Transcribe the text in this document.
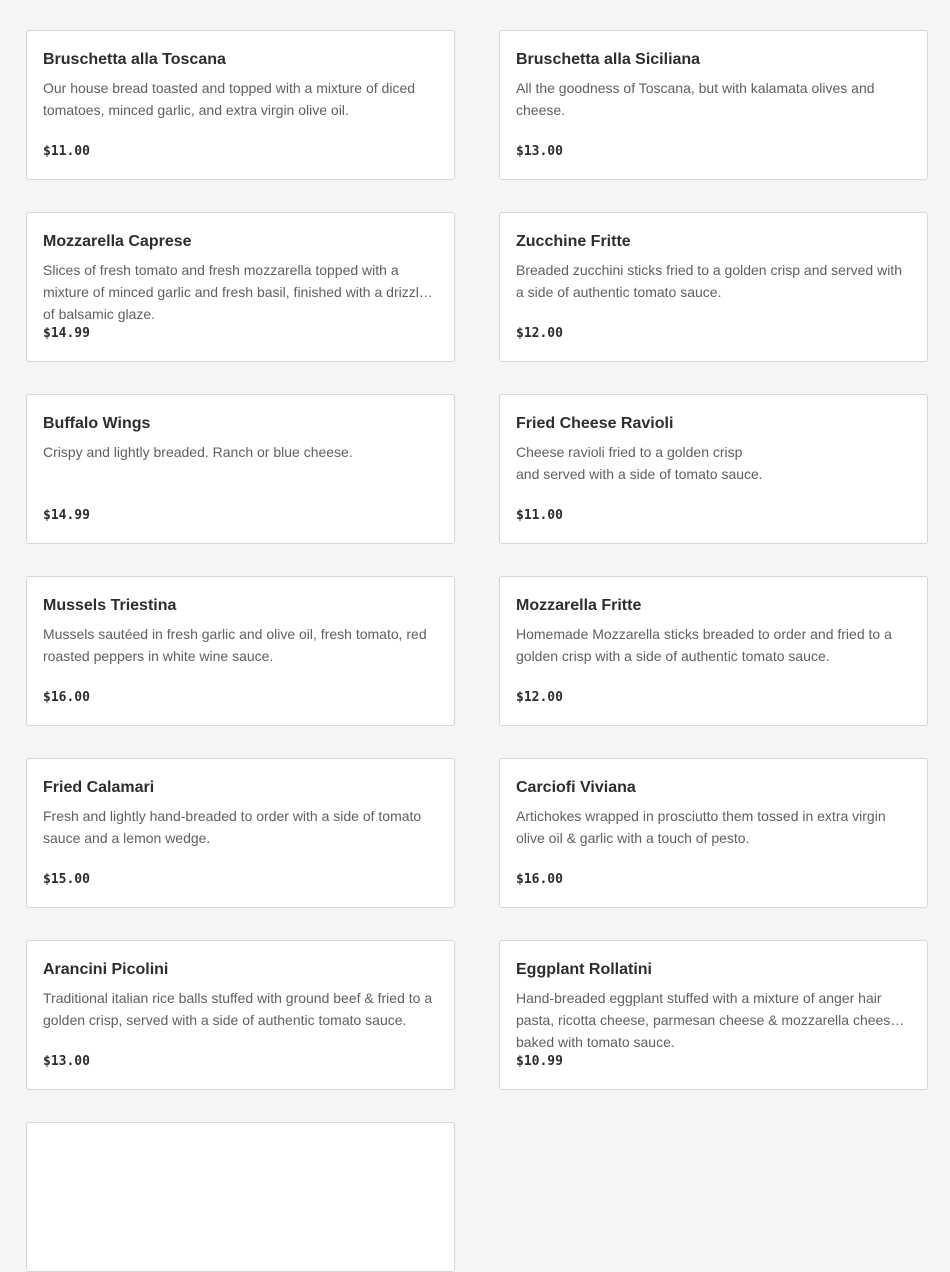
Bruschetta alla Toscana
Our house bread toasted and topped with a mixture of diced tomatoes, minced garlic, and extra virgin olive oil.
$11.00
Bruschetta alla Siciliana
All the goodness of Toscana, but with kalamata olives and cheese.
$13.00
Mozzarella Caprese
Slices of fresh tomato and fresh mozzarella topped with a mixture of minced garlic and fresh basil, finished with a drizzle of balsamic glaze.
$14.99
Zucchine Fritte
Breaded zucchini sticks fried to a golden crisp and served with a side of authentic tomato sauce.
$12.00
Buffalo Wings
Crispy and lightly breaded. Ranch or blue cheese.
$14.99
Fried Cheese Ravioli
Cheese ravioli fried to a golden crisp
and served with a side of tomato sauce.
$11.00
Mussels Triestina
Mussels sautéed in fresh garlic and olive oil, fresh tomato, red roasted peppers in white wine sauce.
$16.00
Mozzarella Fritte
Homemade Mozzarella sticks breaded to order and fried to a golden crisp with a side of authentic tomato sauce.
$12.00
Fried Calamari
Fresh and lightly hand-breaded to order with a side of tomato sauce and a lemon wedge.
$15.00
Carciofi Viviana
Artichokes wrapped in prosciutto them tossed in extra virgin olive oil & garlic with a touch of pesto.
$16.00
Arancini Picolini
Traditional italian rice balls stuffed with ground beef & fried to a golden crisp, served with a side of authentic tomato sauce.
$13.00
Eggplant Rollatini
Hand-breaded eggplant stuffed with a mixture of anger hair pasta, ricotta cheese, parmesan cheese & mozzarella cheese, baked with tomato sauce.
$10.99
